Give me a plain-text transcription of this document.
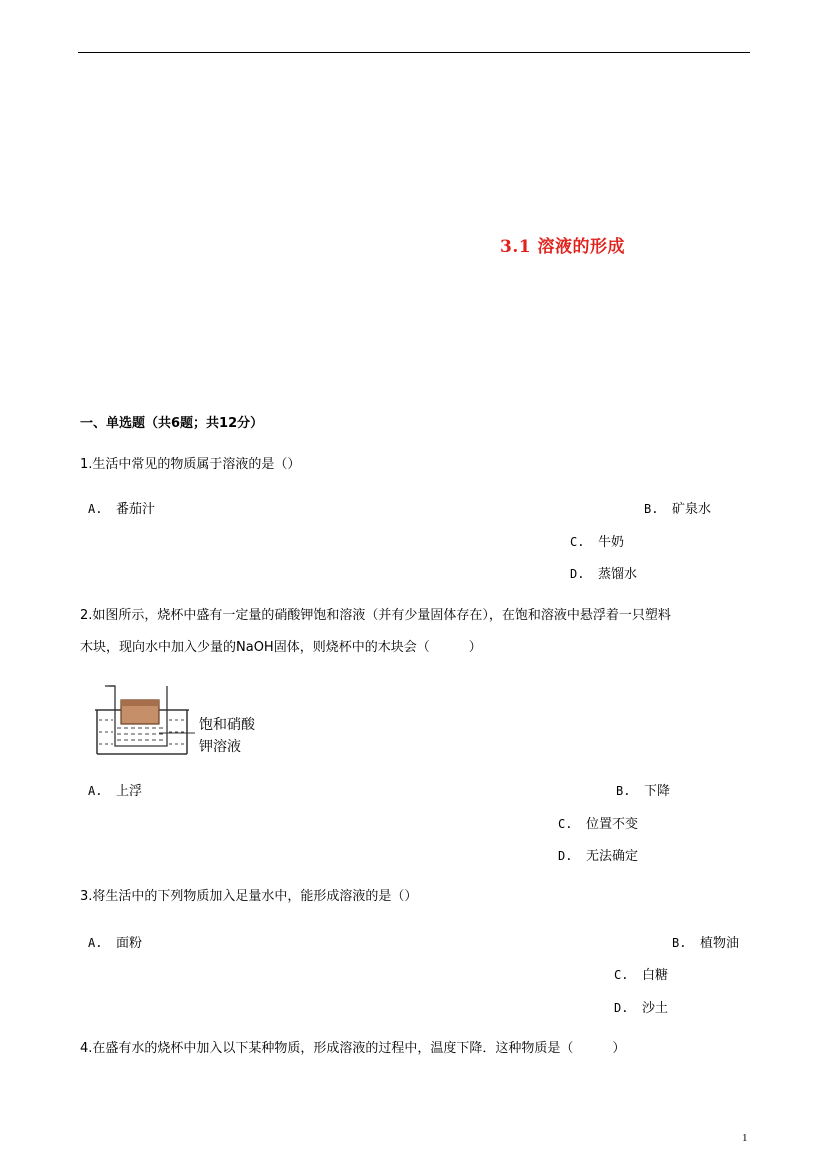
3.1 溶液的形成
一、单选题（共6题；共12分）
1.生活中常见的物质属于溶液的是（）
A. 番茄汁	B. 矿泉水
C. 牛奶
D. 蒸馏水
2.如图所示，烧杯中盛有一定量的硝酸钾饱和溶液（并有少量固体存在），在饱和溶液中悬浮着一只塑料
木块，现向水中加入少量的NaOH固体，则烧杯中的木块会（　　　）
饱和硝酸
钾溶液
A. 上浮	B. 下降
C. 位置不变
D. 无法确定
3.将生活中的下列物质加入足量水中，能形成溶液的是（）
A. 面粉	B. 植物油
C. 白糖
D. 沙土
4.在盛有水的烧杯中加入以下某种物质，形成溶液的过程中，温度下降．这种物质是（　　　）
1
